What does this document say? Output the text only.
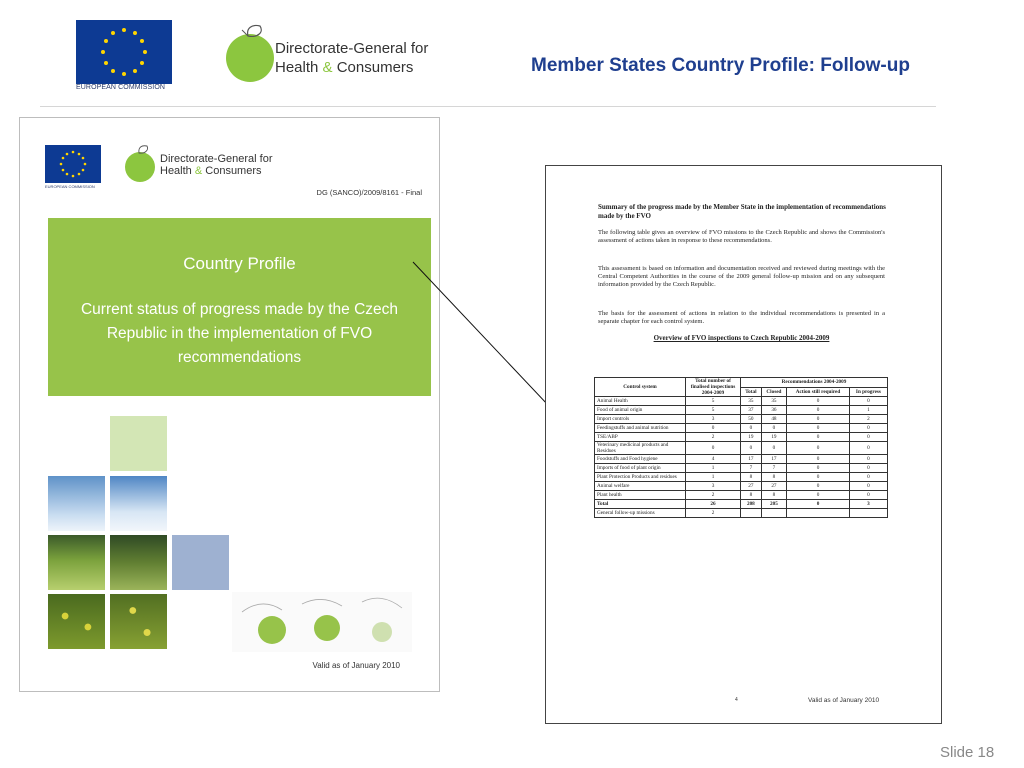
EUROPEAN COMMISSION
Directorate-General for
Health & Consumers	Member States Country Profile: Follow-up
EUROPEAN COMMISSION
Directorate-General for
Health & Consumers
DG (SANCO)/2009/8161 - Final
Country Profile
Current status of progress made by the Czech Republic in the implementation of FVO recommendations
Valid as of January 2010
Summary of the progress made by the Member State in the implementation of recommendations made by the FVO
The following table gives an overview of FVO missions to the Czech Republic and shows the Commission's assessment of actions taken in response to these recommendations.
This assessment is based on information and documentation received and reviewed during meetings with the Central Competent Authorities in the course of the 2009 general follow-up mission and on any subsequent information provided by the Czech Republic.
The basis for the assessment of actions in relation to the individual recommendations is presented in a separate chapter for each control system.
Overview of FVO inspections to Czech Republic 2004-2009
Control system	Total number of finalised inspections 2004-2009	Recommendations 2004-2009			
		Total	Closed	Action still required	In progress
Animal Health	5	35	35	0	0
Food of animal origin	5	37	36	0	1
Import controls	3	50	48	0	2
Feedingstuffs and animal nutrition	0	0	0	0	0
TSE/ABP	2	19	19	0	0
Veterinary medicinal products and Residues	0	0	0	0	0
Foodstuffs and Food hygiene	4	17	17	0	0
Imports of food of plant origin	1	7	7	0	0
Plant Protection Products and residues	1	8	8	0	0
Animal welfare	3	27	27	0	0
Plant health	2	8	8	0	0
Total	26	208	205	0	3
General follow-up missions	2				
4	Valid as of January 2010
Slide 18
